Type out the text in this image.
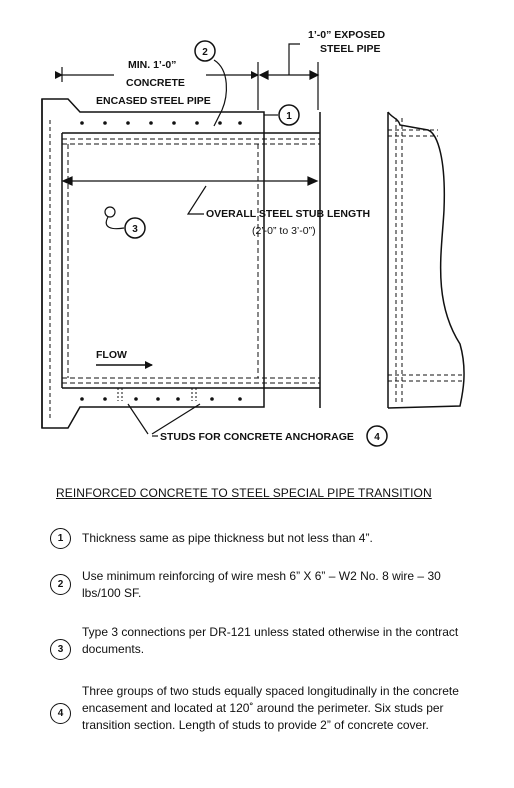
1’-0” EXPOSED
STEEL PIPE
MIN. 1’-0”
CONCRETE
ENCASED STEEL PIPE
OVERALL STEEL STUB LENGTH
(2’-0” to 3’-0”)
FLOW
STUDS FOR CONCRETE ANCHORAGE
2
1
3
4
REINFORCED CONCRETE TO STEEL SPECIAL PIPE TRANSITION
1	Thickness same as pipe thickness but not less than 4”.
2
Use minimum reinforcing of wire mesh 6” X 6” – W2 No. 8 wire – 30 lbs/100 SF.
3
Type 3 connections per DR-121 unless stated otherwise in the contract documents.
4
Three groups of two studs equally spaced longitudinally in the concrete encasement and located at 120˚ around the perimeter. Six studs per transition section. Length of studs to provide 2” of concrete cover.
